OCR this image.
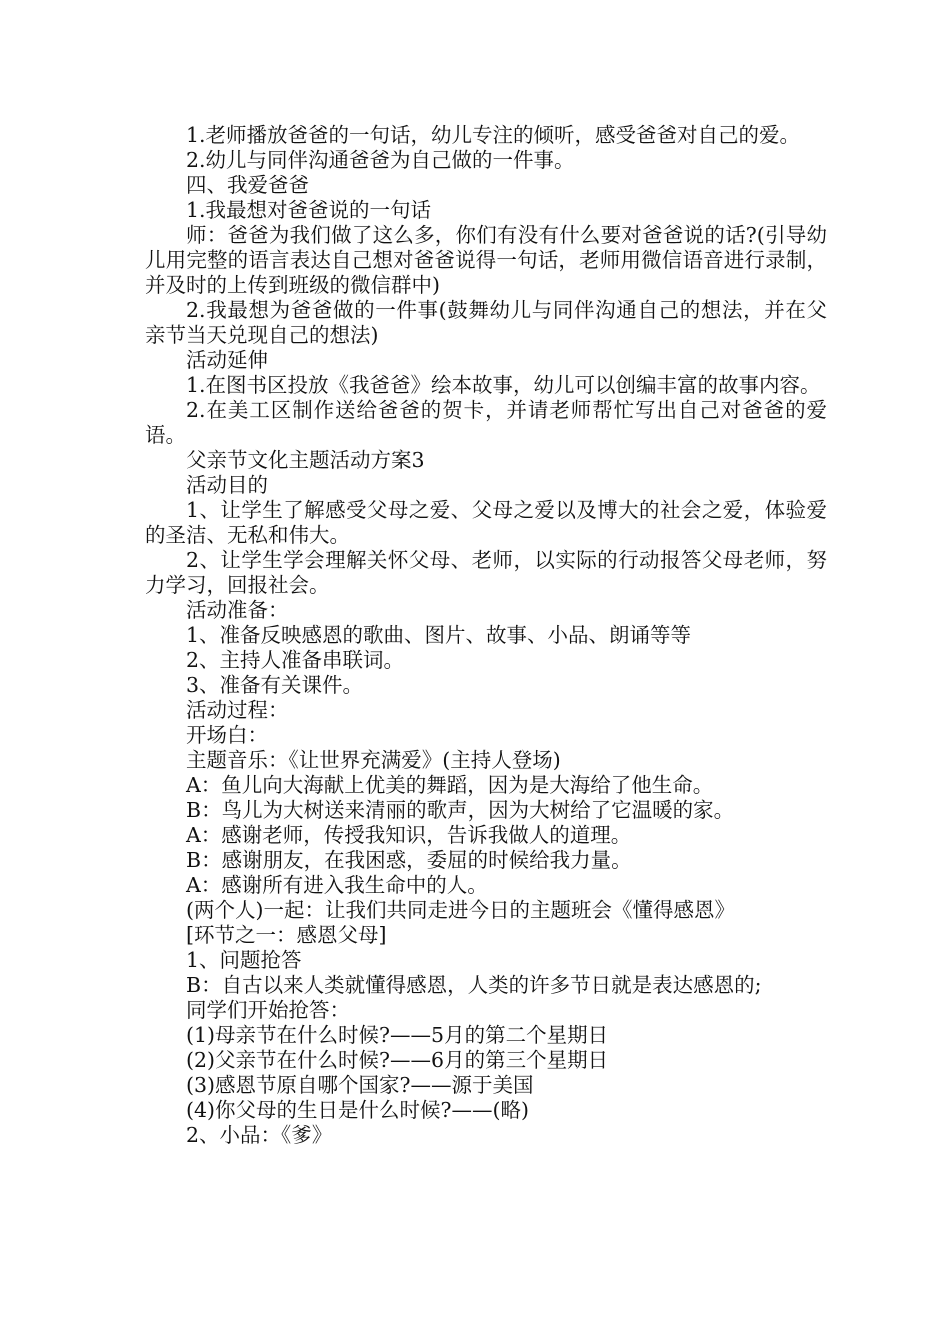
1.老师播放爸爸的一句话，幼儿专注的倾听，感受爸爸对自己的爱。

2.幼儿与同伴沟通爸爸为自己做的一件事。

四、我爱爸爸

1.我最想对爸爸说的一句话

师：爸爸为我们做了这么多，你们有没有什么要对爸爸说的话?(引导幼儿用完整的语言表达自己想对爸爸说得一句话，老师用微信语音进行录制，并及时的上传到班级的微信群中)

2.我最想为爸爸做的一件事(鼓舞幼儿与同伴沟通自己的想法，并在父亲节当天兑现自己的想法)

活动延伸

1.在图书区投放《我爸爸》绘本故事，幼儿可以创编丰富的故事内容。

2.在美工区制作送给爸爸的贺卡，并请老师帮忙写出自己对爸爸的爱语。

父亲节文化主题活动方案3

活动目的

1、让学生了解感受父母之爱、父母之爱以及博大的社会之爱，体验爱的圣洁、无私和伟大。

2、让学生学会理解关怀父母、老师，以实际的行动报答父母老师，努力学习，回报社会。

活动准备：

1、准备反映感恩的歌曲、图片、故事、小品、朗诵等等

2、主持人准备串联词。

3、准备有关课件。

活动过程：

开场白：

主题音乐：《让世界充满爱》(主持人登场)

A：鱼儿向大海献上优美的舞蹈，因为是大海给了他生命。

B：鸟儿为大树送来清丽的歌声，因为大树给了它温暖的家。

A：感谢老师，传授我知识，告诉我做人的道理。

B：感谢朋友，在我困惑，委屈的时候给我力量。

A：感谢所有进入我生命中的人。

(两个人)一起：让我们共同走进今日的主题班会《懂得感恩》

[环节之一：感恩父母]

1、问题抢答

B：自古以来人类就懂得感恩，人类的许多节日就是表达感恩的;

同学们开始抢答：

(1)母亲节在什么时候?——5月的第二个星期日

(2)父亲节在什么时候?——6月的第三个星期日

(3)感恩节原自哪个国家?——源于美国

(4)你父母的生日是什么时候?——(略)

2、小品：《爹》
